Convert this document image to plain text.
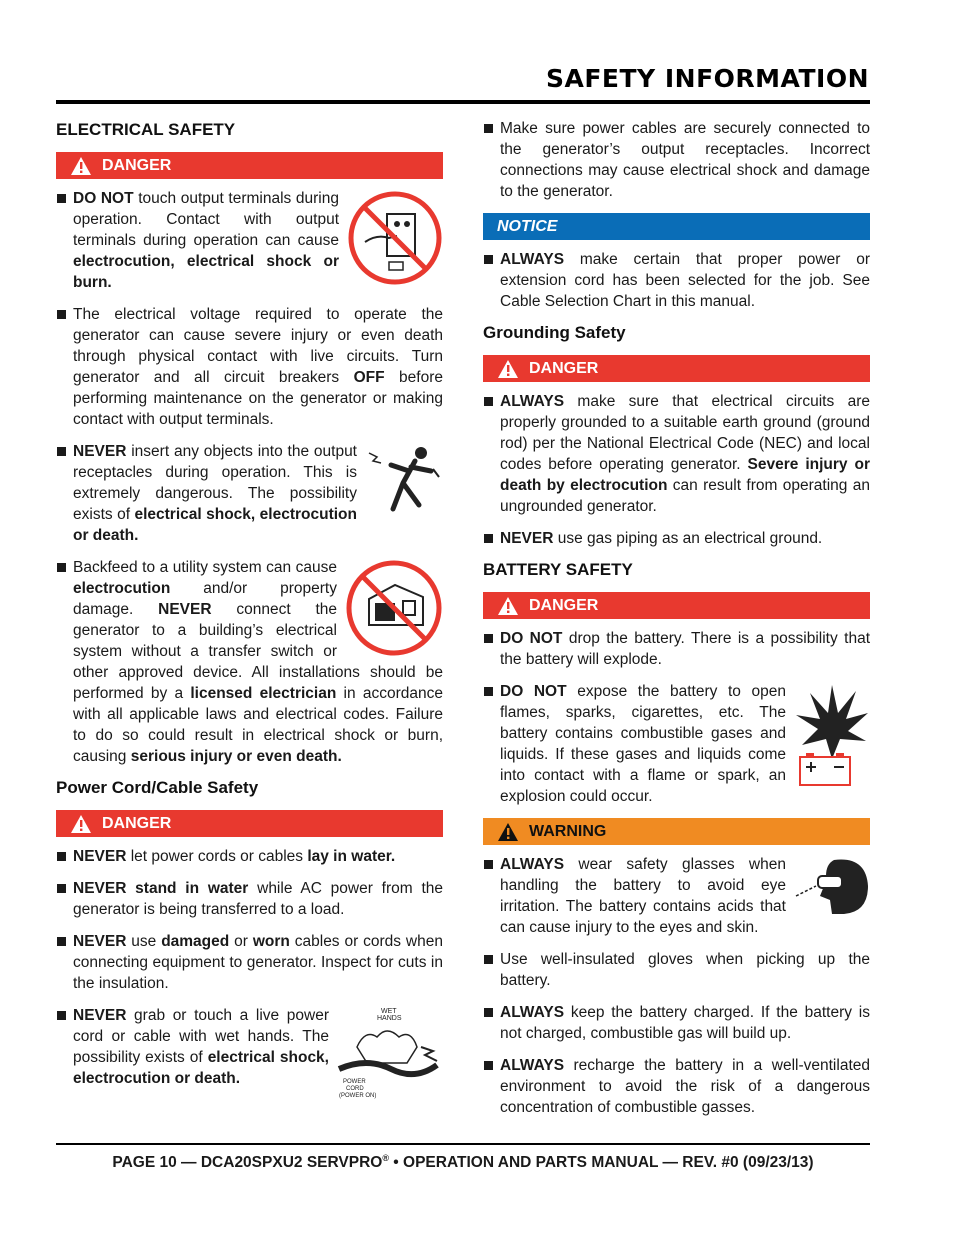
SAFETY INFORMATION
ELECTRICAL SAFETY
DANGER
DO NOT touch output terminals during operation. Contact with output terminals during operation can cause electrocution, electrical shock or burn.
The electrical voltage required to operate the generator can cause severe injury or even death through physical contact with live circuits. Turn generator and all circuit breakers OFF before performing maintenance on the generator or making contact with output terminals.
NEVER insert any objects into the output receptacles during operation. This is extremely dangerous. The possibility exists of electrical shock, electrocution or death.
Backfeed to a utility system can cause electrocution and/or property damage. NEVER connect the generator to a building’s electrical system without a transfer switch or other approved device. All installations should be performed by a licensed electrician in accordance with all applicable laws and electrical codes. Failure to do so could result in electrical shock or burn, causing serious injury or even death.
Power Cord/Cable Safety
DANGER
NEVER let power cords or cables lay in water.
NEVER stand in water while AC power from the generator is being transferred to a load.
NEVER use damaged or worn cables or cords when connecting equipment to generator. Inspect for cuts in the insulation.
WET
HANDS
POWER
CORD
(POWER ON)
NEVER grab or touch a live power cord or cable with wet hands. The possibility exists of electrical shock, electrocution or death.
Make sure power cables are securely connected to the generator’s output receptacles. Incorrect connections may cause electrical shock and damage to the generator.
NOTICE
ALWAYS make certain that proper power or extension cord has been selected for the job. See Cable Selection Chart in this manual.
Grounding Safety
DANGER
ALWAYS make sure that electrical circuits are properly grounded to a suitable earth ground (ground rod) per the National Electrical Code (NEC) and local codes before operating generator. Severe injury or death by electrocution can result from operating an ungrounded generator.
NEVER use gas piping as an electrical ground.
BATTERY SAFETY
DANGER
DO NOT drop the battery. There is a possibility that the battery will explode.
DO NOT expose the battery to open flames, sparks, cigarettes, etc. The battery contains combustible gases and liquids. If these gases and liquids come into contact with a flame or spark, an explosion could occur.
WARNING
ALWAYS wear safety glasses when handling the battery to avoid eye irritation. The battery contains acids that can cause injury to the eyes and skin.
Use well-insulated gloves when picking up the battery.
ALWAYS keep the battery charged. If the battery is not charged, combustible gas will build up.
ALWAYS recharge the battery in a well-ventilated environment to avoid the risk of a dangerous concentration of combustible gasses.
PAGE 10 — DCA20SPXU2 SERVPRO® • OPERATION AND PARTS MANUAL — REV. #0 (09/23/13)
